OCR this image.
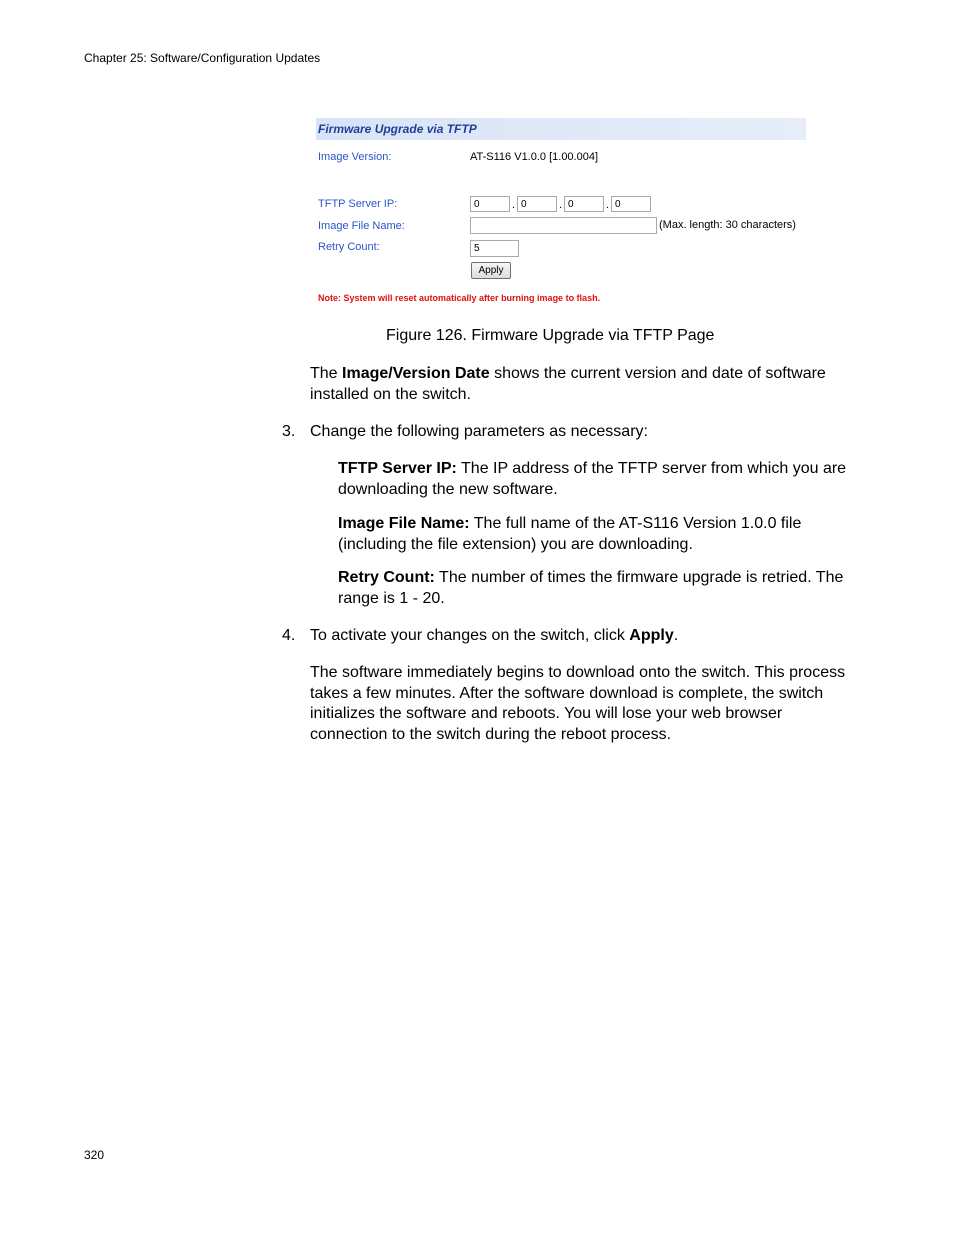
Chapter 25: Software/Configuration Updates
Firmware Upgrade via TFTP
Image Version:	AT-S116 V1.0.0 [1.00.004]
TFTP Server IP:	0	. 0	. 0	. 0
Image File Name:	(Max. length: 30 characters)
Retry Count:	5
Apply
Note: System will reset automatically after burning image to flash.
Figure 126. Firmware Upgrade via TFTP Page
The Image/Version Date shows the current version and date of software installed on the switch.
3. Change the following parameters as necessary:
TFTP Server IP: The IP address of the TFTP server from which you are downloading the new software.
Image File Name: The full name of the AT-S116 Version 1.0.0 file (including the file extension) you are downloading.
Retry Count: The number of times the firmware upgrade is retried. The range is 1 - 20.
4. To activate your changes on the switch, click Apply.
The software immediately begins to download onto the switch. This process takes a few minutes. After the software download is complete, the switch initializes the software and reboots. You will lose your web browser connection to the switch during the reboot process.
320
